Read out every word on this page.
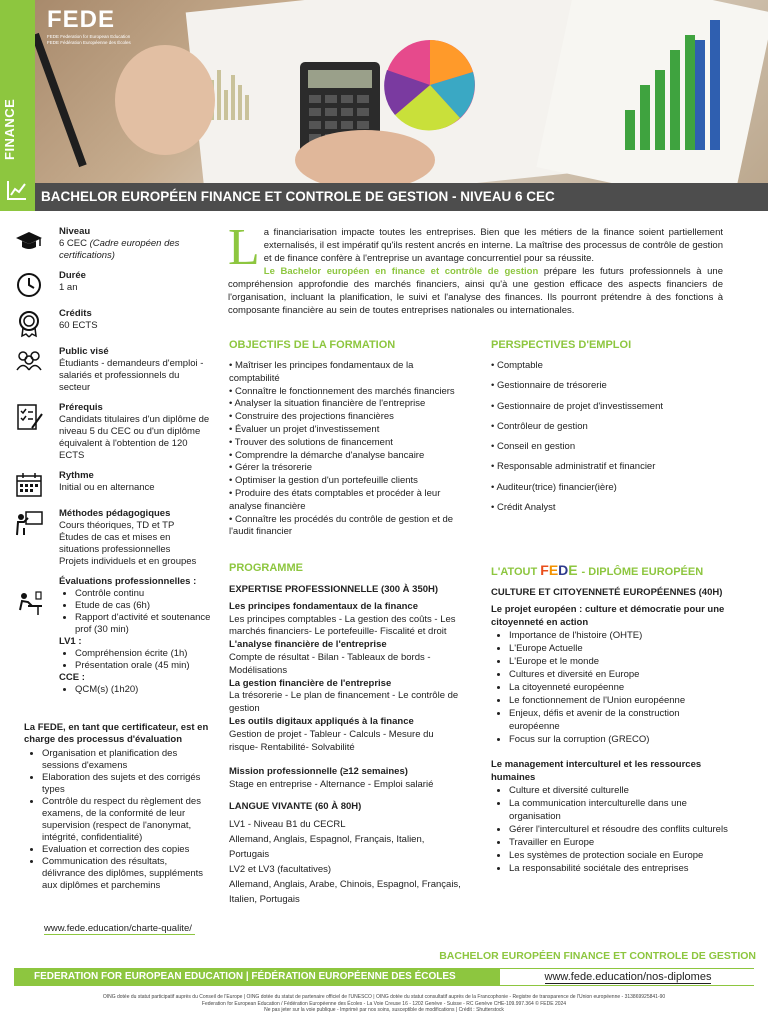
FINANCE
FEDE
FEDE Federation for European Education
FEDE Fédération Européenne des Écoles
BACHELOR EUROPÉEN FINANCE ET CONTROLE DE GESTION - NIVEAU 6 CEC
Niveau
6 CEC (Cadre européen des certifications)
Durée
1 an
Crédits
60 ECTS
Public visé
Étudiants - demandeurs d'emploi - salariés et professionnels du secteur
Prérequis
Candidats titulaires d'un diplôme de niveau 5 du CEC ou d'un diplôme équivalent à l'obtention de 120 ECTS
Rythme
Initial ou en alternance
Méthodes pédagogiques
Cours théoriques, TD et TP
Études de cas et mises en situations professionnelles
Projets individuels et en groupes
Évaluations professionnelles :
• Contrôle continu
• Etude de cas (6h)
• Rapport d'activité et soutenance prof (30 min)
LV1 :
• Compréhension écrite (1h)
• Présentation orale (45 min)
CCE :
• QCM(s) (1h20)
La FEDE, en tant que certificateur, est en charge des processus d'évaluation
• Organisation et planification des sessions d'examens
• Elaboration des sujets et des corrigés types
• Contrôle du respect du règlement des examens, de la conformité de leur supervision (respect de l'anonymat, intégrité, confidentialité)
• Evaluation et correction des copies
• Communication des résultats, délivrance des diplômes, suppléments aux diplômes et parchemins
www.fede.education/charte-qualite/
L a financiarisation impacte toutes les entreprises. Bien que les métiers de la finance soient partiellement externalisés, il est impératif qu'ils restent ancrés en interne. La maîtrise des processus de contrôle de gestion et de finance confère à l'entreprise un avantage concurrentiel pour sa réussite.
Le Bachelor européen en finance et contrôle de gestion prépare les futurs professionnels à une compréhension approfondie des marchés financiers, ainsi qu'à une gestion efficace des aspects financiers de l'organisation, incluant la planification, le suivi et l'analyse des finances. Ils pourront prétendre à des fonctions à composante financière au sein de toutes entreprises nationales ou internationales.
OBJECTIFS DE LA FORMATION
• Maîtriser les principes fondamentaux de la comptabilité
• Connaître le fonctionnement des marchés financiers
• Analyser la situation financière de l'entreprise
• Construire des projections financières
• Évaluer un projet d'investissement
• Trouver des solutions de financement
• Comprendre la démarche d'analyse bancaire
• Gérer la trésorerie
• Optimiser la gestion d'un portefeuille clients
• Produire des états comptables et procéder à leur analyse financière
• Connaître les procédés du contrôle de gestion et de l'audit financier
PERSPECTIVES D'EMPLOI
• Comptable
• Gestionnaire de trésorerie
• Gestionnaire de projet d'investissement
• Contrôleur de gestion
• Conseil en gestion
• Responsable administratif et financier
• Auditeur(trice) financier(ière)
• Crédit Analyst
PROGRAMME
EXPERTISE PROFESSIONNELLE (300 À 350H)
Les principes fondamentaux de la finance
Les principes comptables - La gestion des coûts - Les marchés financiers- Le portefeuille- Fiscalité et droit
L'analyse financière de l'entreprise
Compte de résultat - Bilan - Tableaux de bords - Modélisations
La gestion financière de l'entreprise
La trésorerie - Le plan de financement - Le contrôle de gestion
Les outils digitaux appliqués à la finance
Gestion de projet - Tableur - Calculs - Mesure du risque- Rentabilité- Solvabilité
Mission professionnelle (≥12 semaines)
Stage en entreprise - Alternance - Emploi salarié
LANGUE VIVANTE (60 À 80H)
LV1 - Niveau B1 du CECRL
Allemand, Anglais, Espagnol, Français, Italien, Portugais
LV2 et LV3 (facultatives)
Allemand, Anglais, Arabe, Chinois, Espagnol, Français, Italien, Portugais
L'ATOUT FEDE - DIPLÔME EUROPÉEN
CULTURE ET CITOYENNETÉ EUROPÉENNES (40H)
Le projet européen : culture et démocratie pour une citoyenneté en action
• Importance de l'histoire (OHTE)
• L'Europe Actuelle
• L'Europe et le monde
• Cultures et diversité en Europe
• La citoyenneté européenne
• Le fonctionnement de l'Union européenne
• Enjeux, défis et avenir de la construction européenne
• Focus sur la corruption (GRECO)
Le management interculturel et les ressources humaines
• Culture et diversité culturelle
• La communication interculturelle dans une organisation
• Gérer l'interculturel et résoudre des conflits culturels
• Travailler en Europe
• Les systèmes de protection sociale en Europe
• La responsabilité sociétale des entreprises
BACHELOR EUROPÉEN FINANCE ET CONTROLE DE GESTION
FEDERATION FOR EUROPEAN EDUCATION | FÉDÉRATION EUROPÉENNE DES ÉCOLES	www.fede.education/nos-diplomes
OING dotée du statut participatif auprès du Conseil de l'Europe | OING dotée du statut de partenaire officiel de l'UNESCO | OING dotée du statut consultatif auprès de la Francophonie - Registre de transparence de l'Union européenne - 313869925841-90
Federation for European Education / Fédération Européenne des Écoles - La Voie Creuse 16 - 1202 Genève - Suisse - RC Genève CHE-109.997.364 © FEDE 2024
Ne pas jeter sur la voie publique - Imprimé par nos soins, susceptible de modifications | Crédit : Shutterstock
